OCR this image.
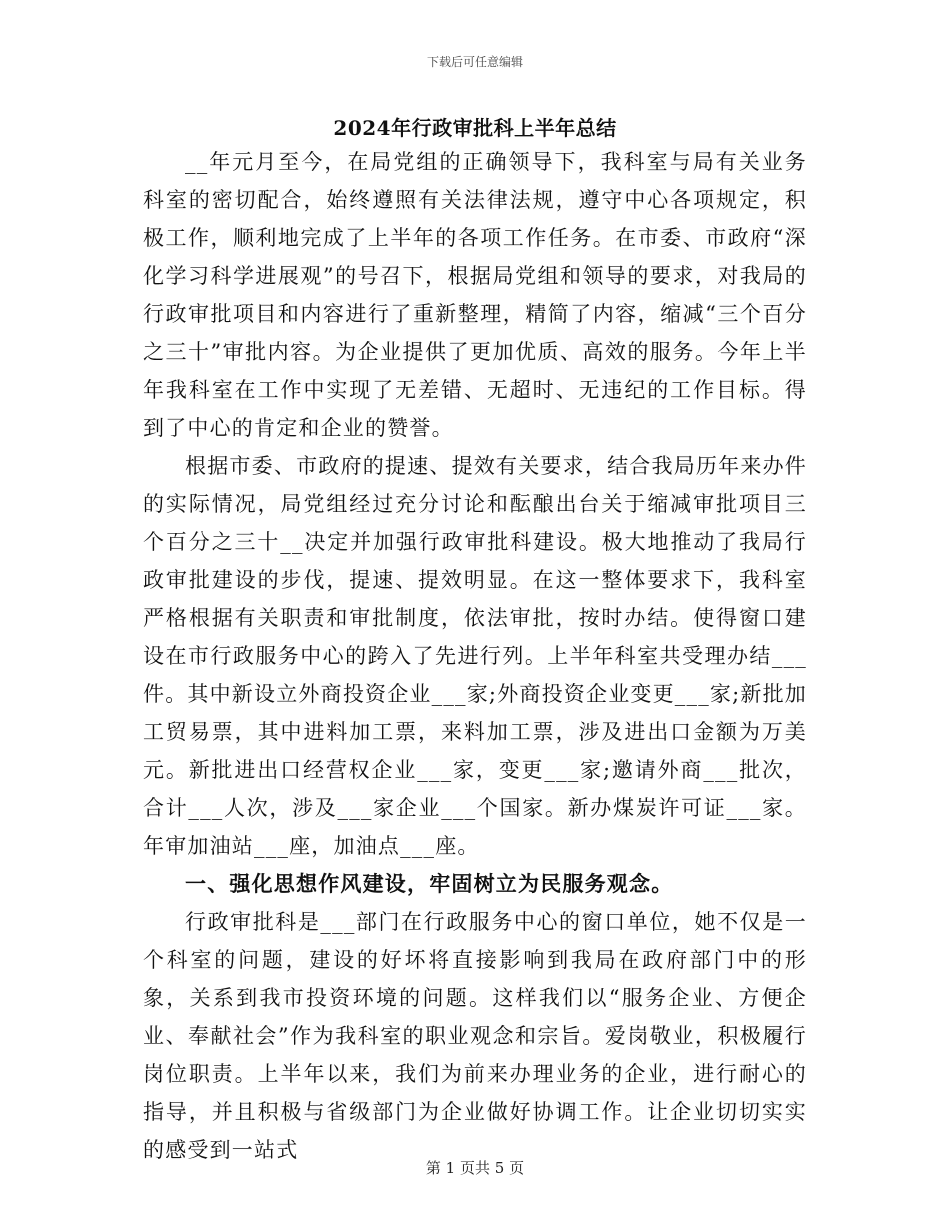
下载后可任意编辑
2024年行政审批科上半年总结

__年元月至今，在局党组的正确领导下，我科室与局有关业务科室的密切配合，始终遵照有关法律法规，遵守中心各项规定，积极工作，顺利地完成了上半年的各项工作任务。在市委、市政府“深化学习科学进展观”的号召下，根据局党组和领导的要求，对我局的行政审批项目和内容进行了重新整理，精简了内容，缩减“三个百分之三十”审批内容。为企业提供了更加优质、高效的服务。今年上半年我科室在工作中实现了无差错、无超时、无违纪的工作目标。得到了中心的肯定和企业的赞誉。

根据市委、市政府的提速、提效有关要求，结合我局历年来办件的实际情况，局党组经过充分讨论和酝酿出台关于缩减审批项目三个百分之三十__决定并加强行政审批科建设。极大地推动了我局行政审批建设的步伐，提速、提效明显。在这一整体要求下，我科室严格根据有关职责和审批制度，依法审批，按时办结。使得窗口建设在市行政服务中心的跨入了先进行列。上半年科室共受理办结___件。其中新设立外商投资企业___家;外商投资企业变更___家;新批加工贸易票，其中进料加工票，来料加工票，涉及进出口金额为万美元。新批进出口经营权企业___家，变更___家;邀请外商___批次，合计___人次，涉及___家企业___个国家。新办煤炭许可证___家。年审加油站___座，加油点___座。

一、强化思想作风建设，牢固树立为民服务观念。

行政审批科是___部门在行政服务中心的窗口单位，她不仅是一个科室的问题，建设的好坏将直接影响到我局在政府部门中的形象，关系到我市投资环境的问题。这样我们以“服务企业、方便企业、奉献社会”作为我科室的职业观念和宗旨。爱岗敬业，积极履行岗位职责。上半年以来，我们为前来办理业务的企业，进行耐心的指导，并且积极与省级部门为企业做好协调工作。让企业切切实实的感受到一站式

第 1 页共 5 页
